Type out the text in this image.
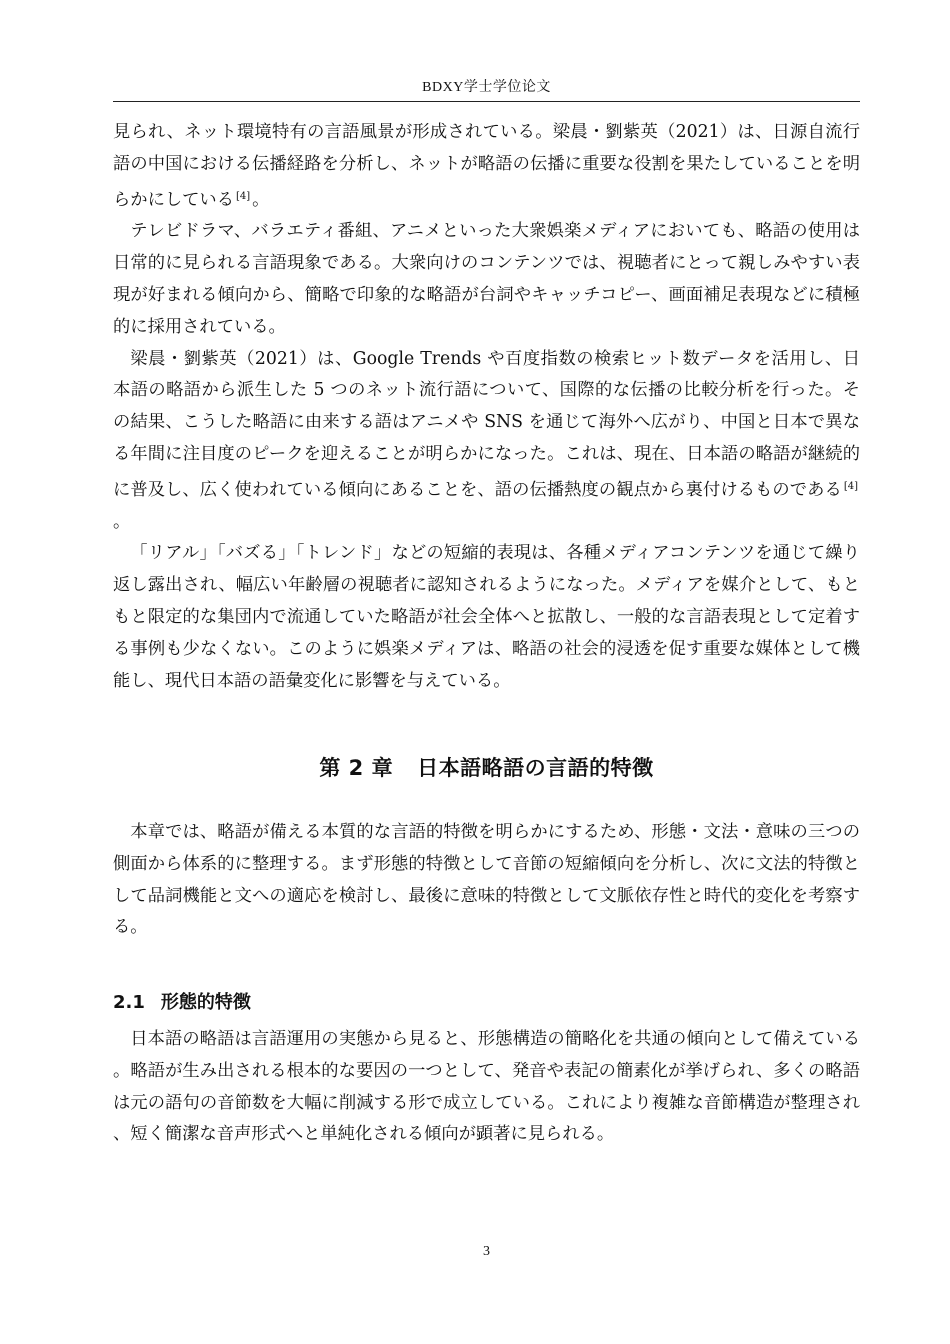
BDXY学士学位论文

見られ、ネット環境特有の言語風景が形成されている。梁晨・劉紫英（2021）は、日源自流行語の中国における伝播経路を分析し、ネットが略語の伝播に重要な役割を果たしていることを明らかにしている [4] 。

テレビドラマ、バラエティ番組、アニメといった大衆娯楽メディアにおいても、略語の使用は日常的に見られる言語現象である。大衆向けのコンテンツでは、視聴者にとって親しみやすい表現が好まれる傾向から、簡略で印象的な略語が台詞やキャッチコピー、画面補足表現などに積極的に採用されている。

梁晨・劉紫英（2021）は、Google Trends や百度指数の検索ヒット数データを活用し、日本語の略語から派生した 5 つのネット流行語について、国際的な伝播の比較分析を行った。その結果、こうした略語に由来する語はアニメや SNS を通じて海外へ広がり、中国と日本で異なる年間に注目度のピークを迎えることが明らかになった。これは、現在、日本語の略語が継続的に普及し、広く使われている傾向にあることを、語の伝播熱度の観点から裏付けるものである [4]。

「リアル」「バズる」「トレンド」などの短縮的表現は、各種メディアコンテンツを通じて繰り返し露出され、幅広い年齢層の視聴者に認知されるようになった。メディアを媒介として、もともと限定的な集団内で流通していた略語が社会全体へと拡散し、一般的な言語表現として定着する事例も少なくない。このように娯楽メディアは、略語の社会的浸透を促す重要な媒体として機能し、現代日本語の語彙変化に影響を与えている。

第 2 章 日本語略語の言語的特徴

本章では、略語が備える本質的な言語的特徴を明らかにするため、形態・文法・意味の三つの側面から体系的に整理する。まず形態的特徴として音節の短縮傾向を分析し、次に文法的特徴として品詞機能と文への適応を検討し、最後に意味的特徴として文脈依存性と時代的変化を考察する。

2.1 形態的特徴

日本語の略語は言語運用の実態から見ると、形態構造の簡略化を共通の傾向として備えている。略語が生み出される根本的な要因の一つとして、発音や表記の簡素化が挙げられ、多くの略語は元の語句の音節数を大幅に削減する形で成立している。これにより複雑な音節構造が整理され、短く簡潔な音声形式へと単純化される傾向が顕著に見られる。

3
